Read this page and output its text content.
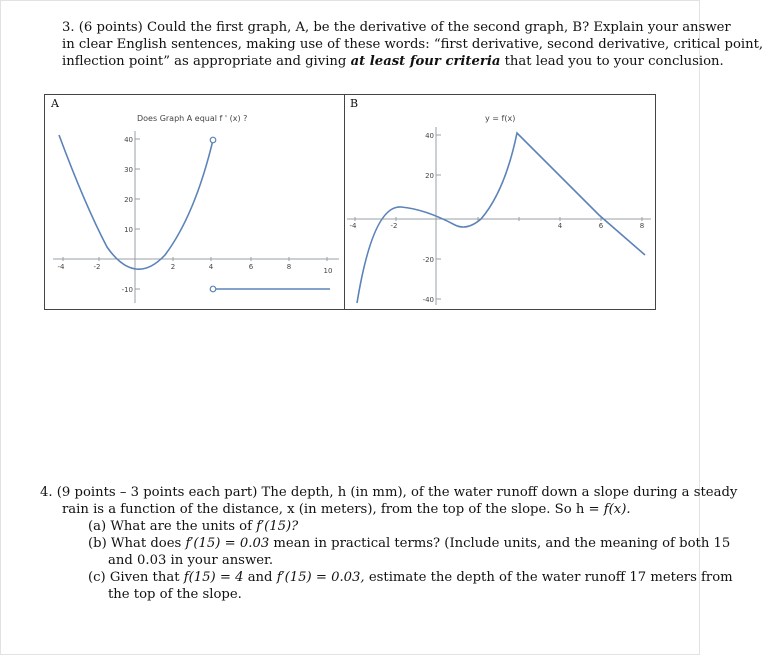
3. (6 points) Could the first graph, A, be the derivative of the second graph, B? Explain your answer
in clear English sentences, making use of these words: “first derivative, second derivative, critical point,
inflection point” as appropriate and giving at least four criteria that lead you to your conclusion.
A	B
Does Graph A equal f ' (x) ?
40
30
20
10
-10
-4	-2	2	4	6	8	10
y = f(x)
40
20
-20
-40
-4	-2	4	6	8
4. (9 points – 3 points each part) The depth, h (in mm), of the water runoff down a slope during a steady
rain is a function of the distance, x (in meters), from the top of the slope. So h = f(x).
(a) What are the units of f′(15)?
(b) What does f′(15) = 0.03 mean in practical terms? (Include units, and the meaning of both 15
and 0.03 in your answer.
(c) Given that f(15) = 4 and f′(15) = 0.03, estimate the depth of the water runoff 17 meters from
the top of the slope.
